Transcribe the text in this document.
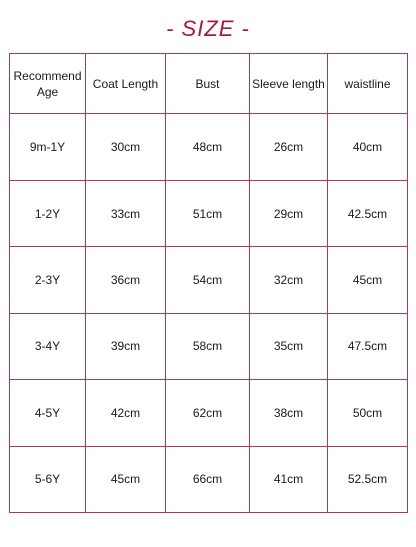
- SIZE -
Recommend Age	Coat Length	Bust	Sleeve length	waistline
9m-1Y	30cm	48cm	26cm	40cm
1-2Y	33cm	51cm	29cm	42.5cm
2-3Y	36cm	54cm	32cm	45cm
3-4Y	39cm	58cm	35cm	47.5cm
4-5Y	42cm	62cm	38cm	50cm
5-6Y	45cm	66cm	41cm	52.5cm
